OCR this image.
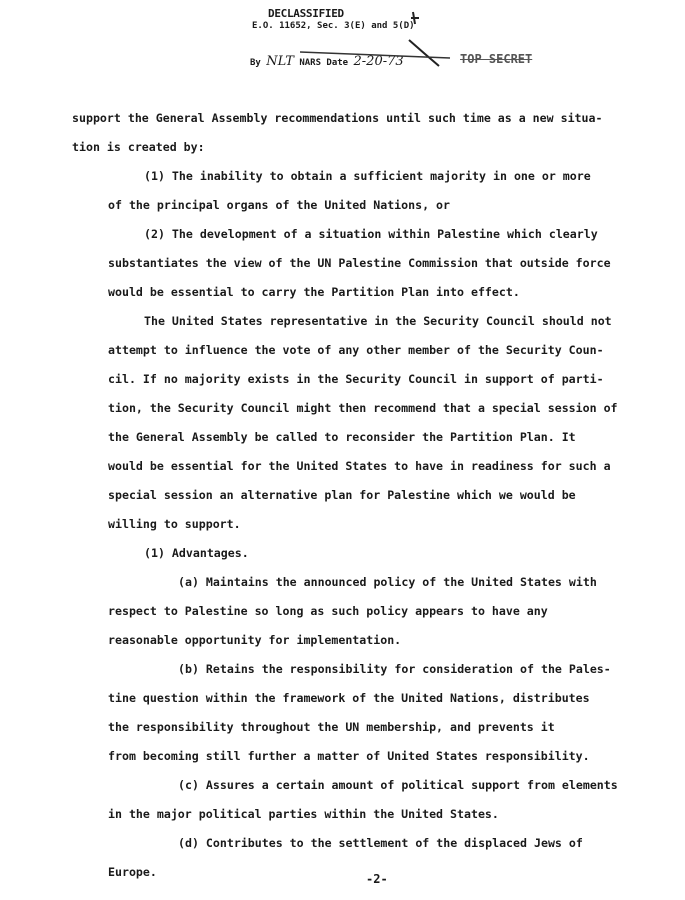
DECLASSIFIED
E.O. 11652, Sec. 3(E) and 5(D)
By NLT NARS Date 2-20-73	TOP SECRET

support the General Assembly recommendations until such time as a new situa-

tion is created by:

(1) The inability to obtain a sufficient majority in one or more

of the principal organs of the United Nations, or

(2) The development of a situation within Palestine which clearly

substantiates the view of the UN Palestine Commission that outside force

would be essential to carry the Partition Plan into effect.

The United States representative in the Security Council should not

attempt to influence the vote of any other member of the Security Coun-

cil. If no majority exists in the Security Council in support of parti-

tion, the Security Council might then recommend that a special session of

the General Assembly be called to reconsider the Partition Plan. It

would be essential for the United States to have in readiness for such a

special session an alternative plan for Palestine which we would be

willing to support.

(1) Advantages.

(a) Maintains the announced policy of the United States with

respect to Palestine so long as such policy appears to have any

reasonable opportunity for implementation.

(b) Retains the responsibility for consideration of the Pales-

tine question within the framework of the United Nations, distributes

the responsibility throughout the UN membership, and prevents it

from becoming still further a matter of United States responsibility.

(c) Assures a certain amount of political support from elements

in the major political parties within the United States.

(d) Contributes to the settlement of the displaced Jews of

Europe.	-2-
